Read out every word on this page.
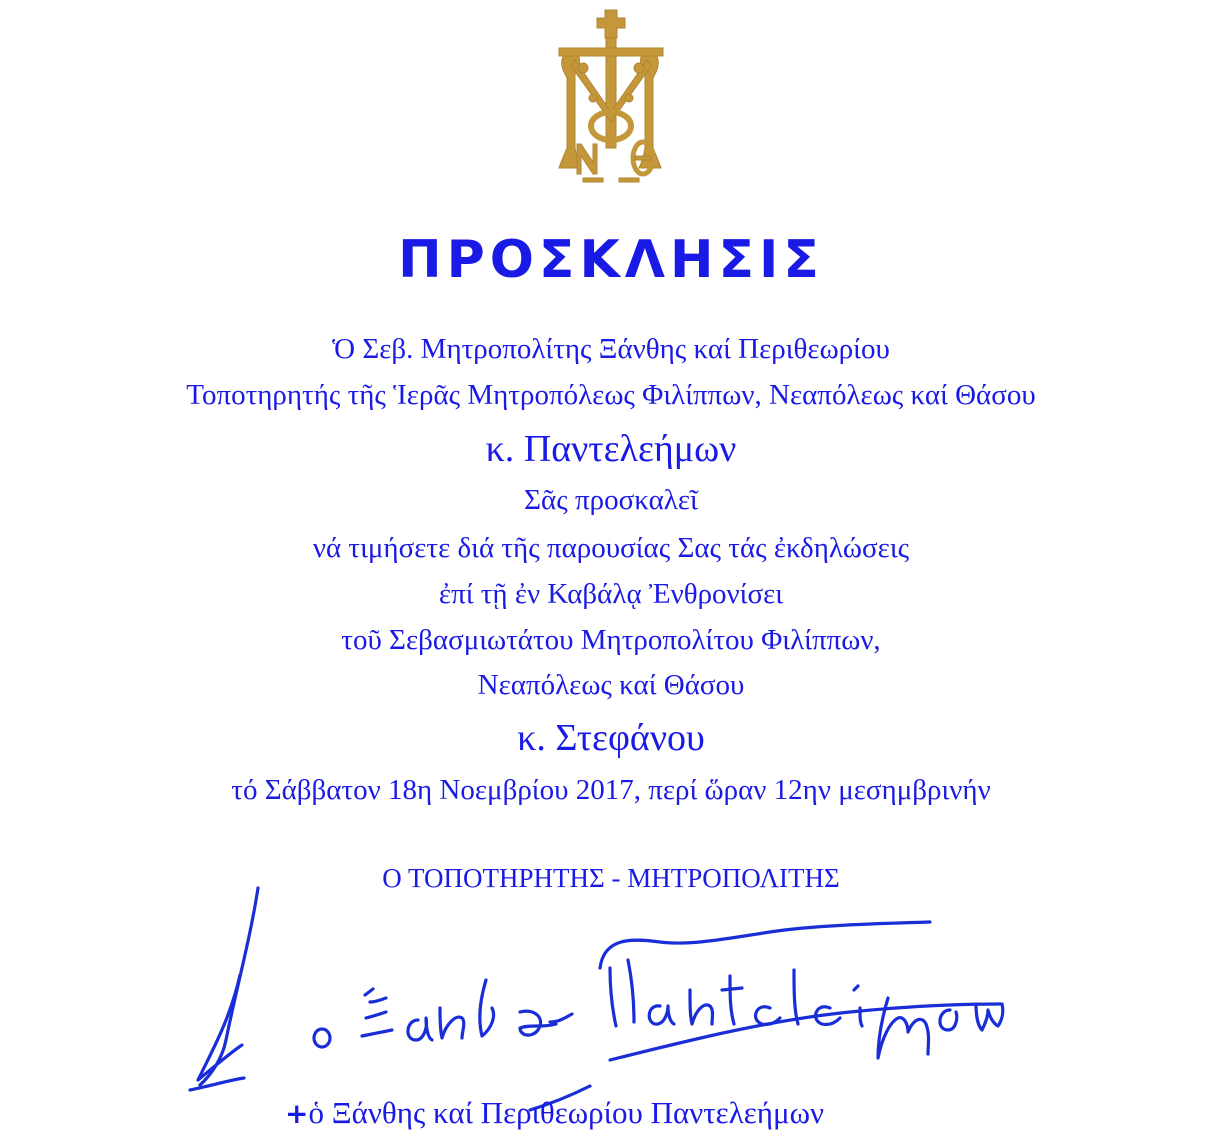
ΠΡΟΣΚΛΗΣΙΣ
Ὁ Σεβ. Μητροπολίτης Ξάνθης καί Περιθεωρίου
Τοποτηρητής τῆς Ἱερᾶς Μητροπόλεως Φιλίππων, Νεαπόλεως καί Θάσου
κ. Παντελεήμων
Σᾶς προσκαλεῖ
νά τιμήσετε διά τῆς παρουσίας Σας τάς ἐκδηλώσεις
ἐπί τῇ ἐν Καβάλᾳ Ἐνθρονίσει
τοῦ Σεβασμιωτάτου Μητροπολίτου Φιλίππων,
Νεαπόλεως καί Θάσου
κ. Στεφάνου
τό Σάββατον 18η Νοεμβρίου 2017, περί ὥραν 12ην μεσημβρινήν
Ο ΤΟΠΟΤΗΡΗΤΗΣ - ΜΗΤΡΟΠΟΛΙΤΗΣ
+ὁ Ξάνθης καί Περιθεωρίου Παντελεήμων
